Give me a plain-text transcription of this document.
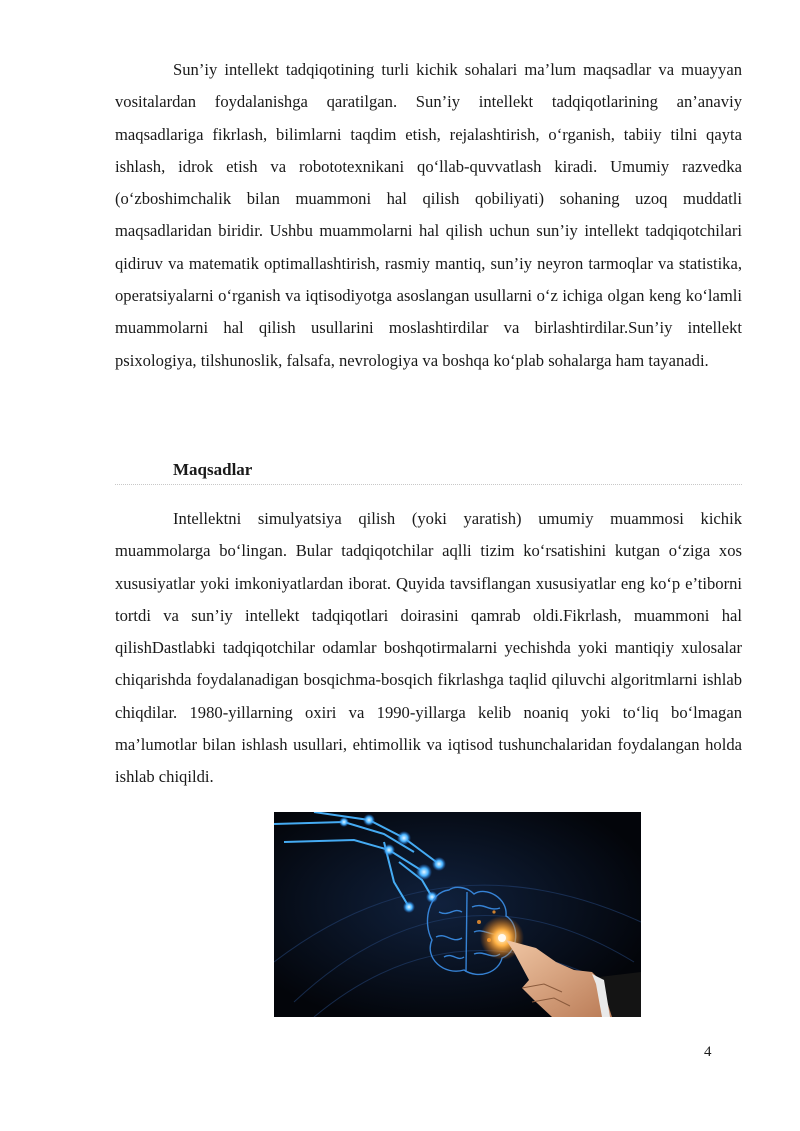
Sun’iy intellekt tadqiqotining turli kichik sohalari ma’lum maqsadlar va muayyan vositalardan foydalanishga qaratilgan. Sun’iy intellekt tadqiqotlarining an’anaviy maqsadlariga fikrlash, bilimlarni taqdim etish, rejalashtirish, o‘rganish, tabiiy tilni qayta ishlash, idrok etish va robototexnikani qo‘llab-quvvatlash kiradi. Umumiy razvedka (o‘zboshimchalik bilan muammoni hal qilish qobiliyati) sohaning uzoq muddatli maqsadlaridan biridir. Ushbu muammolarni hal qilish uchun sun’iy intellekt tadqiqotchilari qidiruv va matematik optimallashtirish, rasmiy mantiq, sun’iy neyron tarmoqlar va statistika, operatsiyalarni o‘rganish va iqtisodiyotga asoslangan usullarni o‘z ichiga olgan keng ko‘lamli muammolarni hal qilish usullarini moslashtirdilar va birlashtirdilar.Sun’iy intellekt psixologiya, tilshunoslik, falsafa, nevrologiya va boshqa ko‘plab sohalarga ham tayanadi.

Maqsadlar

Intellektni simulyatsiya qilish (yoki yaratish) umumiy muammosi kichik muammolarga bo‘lingan. Bular tadqiqotchilar aqlli tizim ko‘rsatishini kutgan o‘ziga xos xususiyatlar yoki imkoniyatlardan iborat. Quyida tavsiflangan xususiyatlar eng ko‘p e’tiborni tortdi va sun’iy intellekt tadqiqotlari doirasini qamrab oldi.Fikrlash, muammoni hal qilishDastlabki tadqiqotchilar odamlar boshqotirmalarni yechishda yoki mantiqiy xulosalar chiqarishda foydalanadigan bosqichma-bosqich fikrlashga taqlid qiluvchi algoritmlarni ishlab chiqdilar. 1980-yillarning oxiri va 1990-yillarga kelib noaniq yoki to‘liq bo‘lmagan ma’lumotlar bilan ishlash usullari, ehtimollik va iqtisod tushunchalaridan foydalangan holda ishlab chiqildi.

4
